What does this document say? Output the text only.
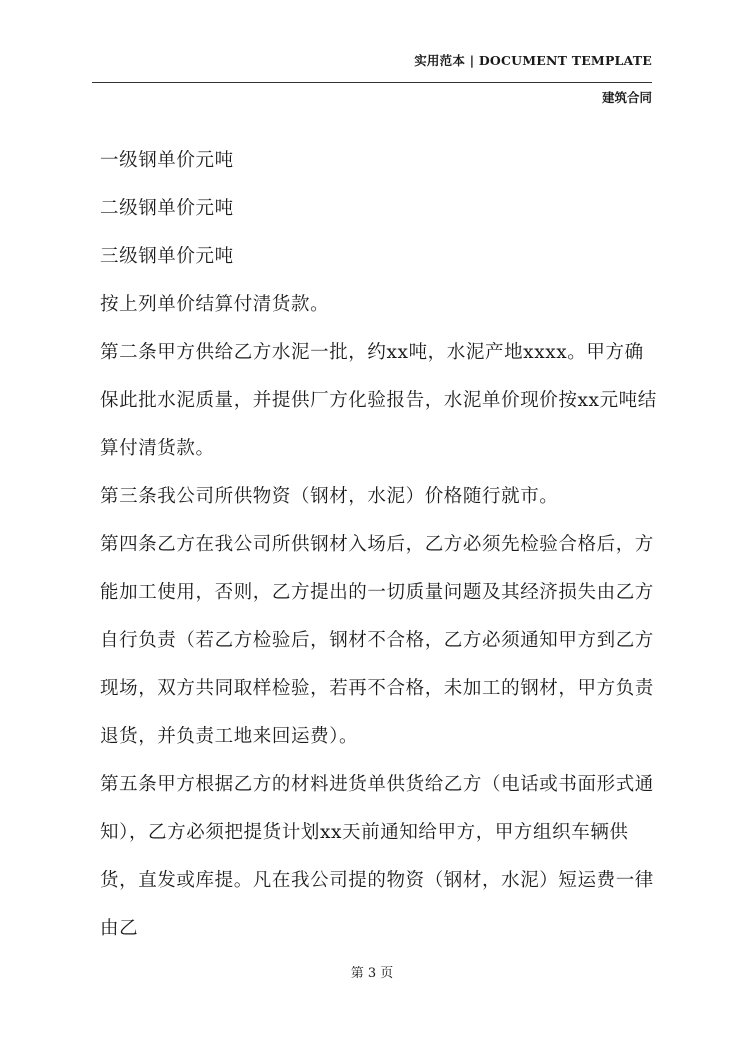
实用范本 | DOCUMENT TEMPLATE
建筑合同

一级钢单价元吨

二级钢单价元吨

三级钢单价元吨

按上列单价结算付清货款。

第二条甲方供给乙方水泥一批，约xx吨，水泥产地xxxx。甲方确保此批水泥质量，并提供厂方化验报告，水泥单价现价按xx元吨结算付清货款。

第三条我公司所供物资（钢材，水泥）价格随行就市。

第四条乙方在我公司所供钢材入场后，乙方必须先检验合格后，方能加工使用，否则，乙方提出的一切质量问题及其经济损失由乙方自行负责（若乙方检验后，钢材不合格，乙方必须通知甲方到乙方现场，双方共同取样检验，若再不合格，未加工的钢材，甲方负责退货，并负责工地来回运费）。

第五条甲方根据乙方的材料进货单供货给乙方（电话或书面形式通知），乙方必须把提货计划xx天前通知给甲方，甲方组织车辆供货，直发或库提。凡在我公司提的物资（钢材，水泥）短运费一律由乙

第 3 页
